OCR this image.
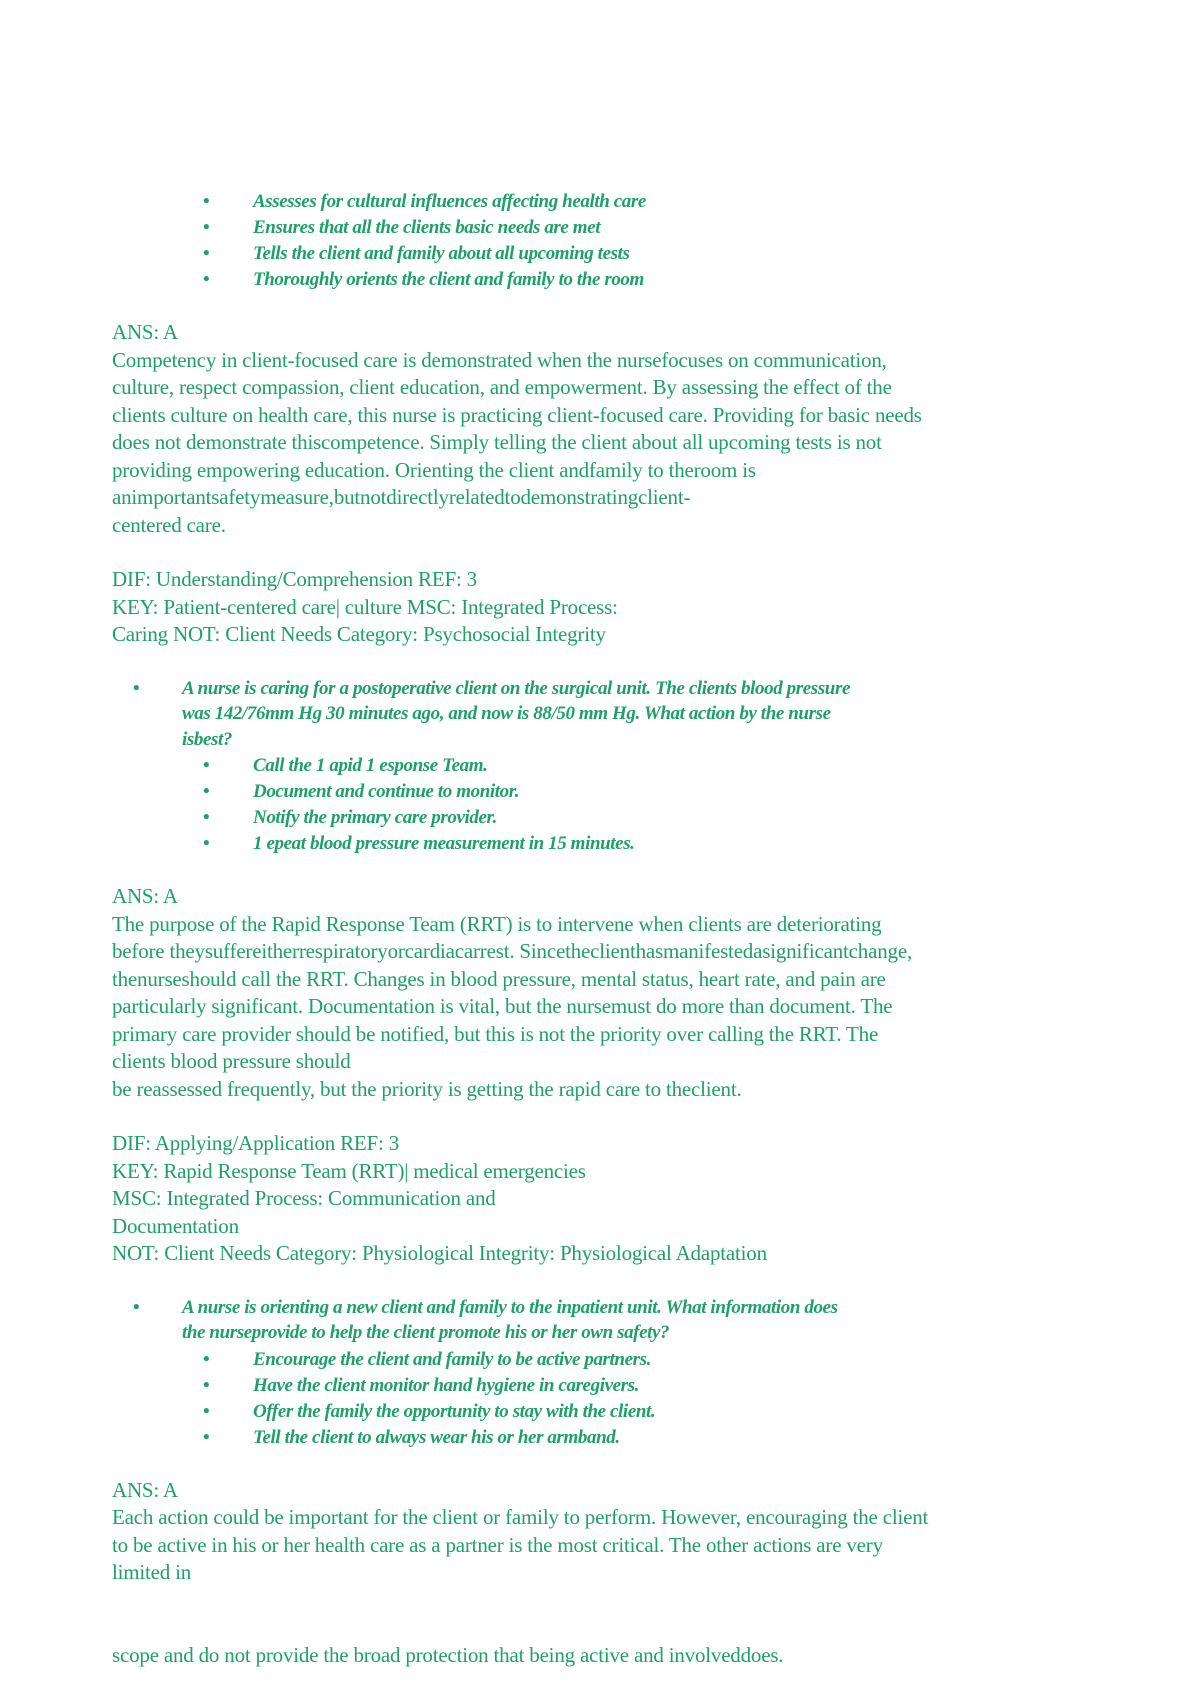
• Assesses for cultural influences affecting health care
• Ensures that all the clients basic needs are met
• Tells the client and family about all upcoming tests
• Thoroughly orients the client and family to the room
ANS: A
Competency in client-focused care is demonstrated when the nursefocuses on communication,
culture, respect compassion, client education, and empowerment. By assessing the effect of the
clients culture on health care, this nurse is practicing client-focused care. Providing for basic needs
does not demonstrate thiscompetence. Simply telling the client about all upcoming tests is not
providing empowering education. Orienting the client andfamily to theroom is
animportantsafetymeasure,butnotdirectlyrelatedtodemonstratingclient-
centered care.
DIF: Understanding/Comprehension REF: 3
KEY: Patient-centered care| culture MSC: Integrated Process:
Caring NOT: Client Needs Category: Psychosocial Integrity
• A nurse is caring for a postoperative client on the surgical unit. The clients blood pressure
was 142/76mm Hg 30 minutes ago, and now is 88/50 mm Hg. What action by the nurse
isbest?
• Call the 1 apid 1 esponse Team.
• Document and continue to monitor.
• Notify the primary care provider.
• 1 epeat blood pressure measurement in 15 minutes.
ANS: A
The purpose of the Rapid Response Team (RRT) is to intervene when clients are deteriorating
before theysuffereitherrespiratoryorcardiacarrest. Sincetheclienthasmanifestedasignificantchange,
thenurseshould call the RRT. Changes in blood pressure, mental status, heart rate, and pain are
particularly significant. Documentation is vital, but the nursemust do more than document. The
primary care provider should be notified, but this is not the priority over calling the RRT. The
clients blood pressure should
be reassessed frequently, but the priority is getting the rapid care to theclient.
DIF: Applying/Application REF: 3
KEY: Rapid Response Team (RRT)| medical emergencies
MSC: Integrated Process: Communication and
Documentation
NOT: Client Needs Category: Physiological Integrity: Physiological Adaptation
• A nurse is orienting a new client and family to the inpatient unit. What information does
the nurseprovide to help the client promote his or her own safety?
• Encourage the client and family to be active partners.
• Have the client monitor hand hygiene in caregivers.
• Offer the family the opportunity to stay with the client.
• Tell the client to always wear his or her armband.
ANS: A
Each action could be important for the client or family to perform. However, encouraging the client
to be active in his or her health care as a partner is the most critical. The other actions are very
limited in
scope and do not provide the broad protection that being active and involveddoes.
